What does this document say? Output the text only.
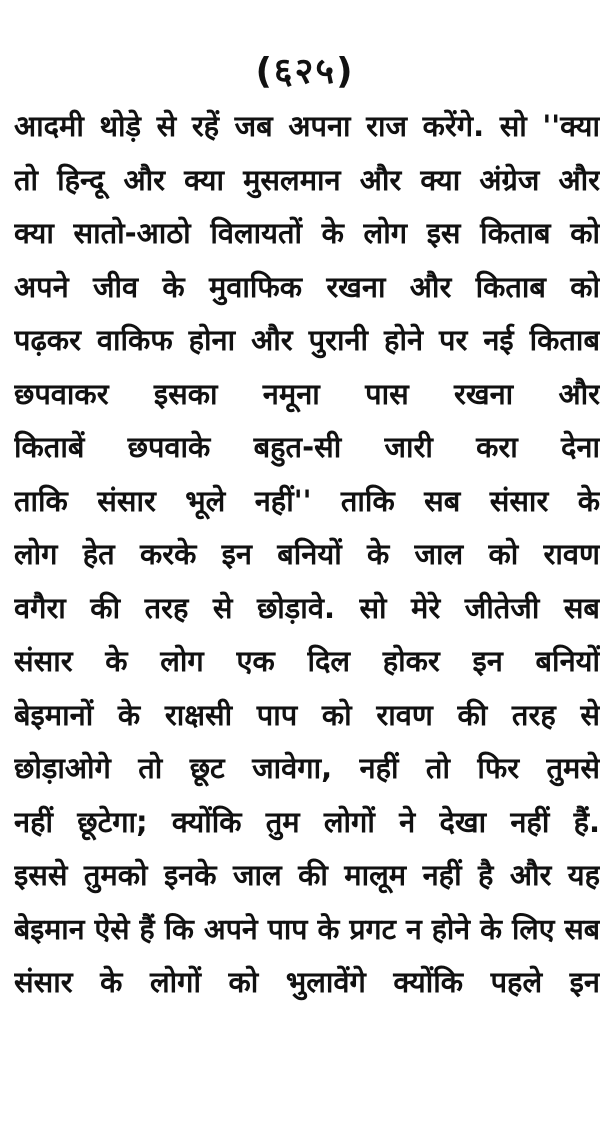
(६२५)
आदमी थोड़े से रहें जब अपना राज करेंगे. सो ''क्या
तो हिन्दू और क्या मुसलमान और क्या अंग्रेज और
क्या सातो-आठो विलायतों के लोग इस किताब को
अपने जीव के मुवाफिक रखना और किताब को
पढ़कर वाकिफ होना और पुरानी होने पर नई किताब
छपवाकर इसका नमूना पास रखना और
किताबें छपवाके बहुत-सी जारी करा देना
ताकि संसार भूले नहीं'' ताकि सब संसार के
लोग हेत करके इन बनियों के जाल को रावण
वगैरा की तरह से छोड़ावे. सो मेरे जीतेजी सब
संसार के लोग एक दिल होकर इन बनियों
बेइमानों के राक्षसी पाप को रावण की तरह से
छोड़ाओगे तो छूट जावेगा, नहीं तो फिर तुमसे
नहीं छूटेगा; क्योंकि तुम लोगों ने देखा नहीं हैं.
इससे तुमको इनके जाल की मालूम नहीं है और यह
बेइमान ऐसे हैं कि अपने पाप के प्रगट न होने के लिए सब
संसार के लोगों को भुलावेंगे क्योंकि पहले इन
